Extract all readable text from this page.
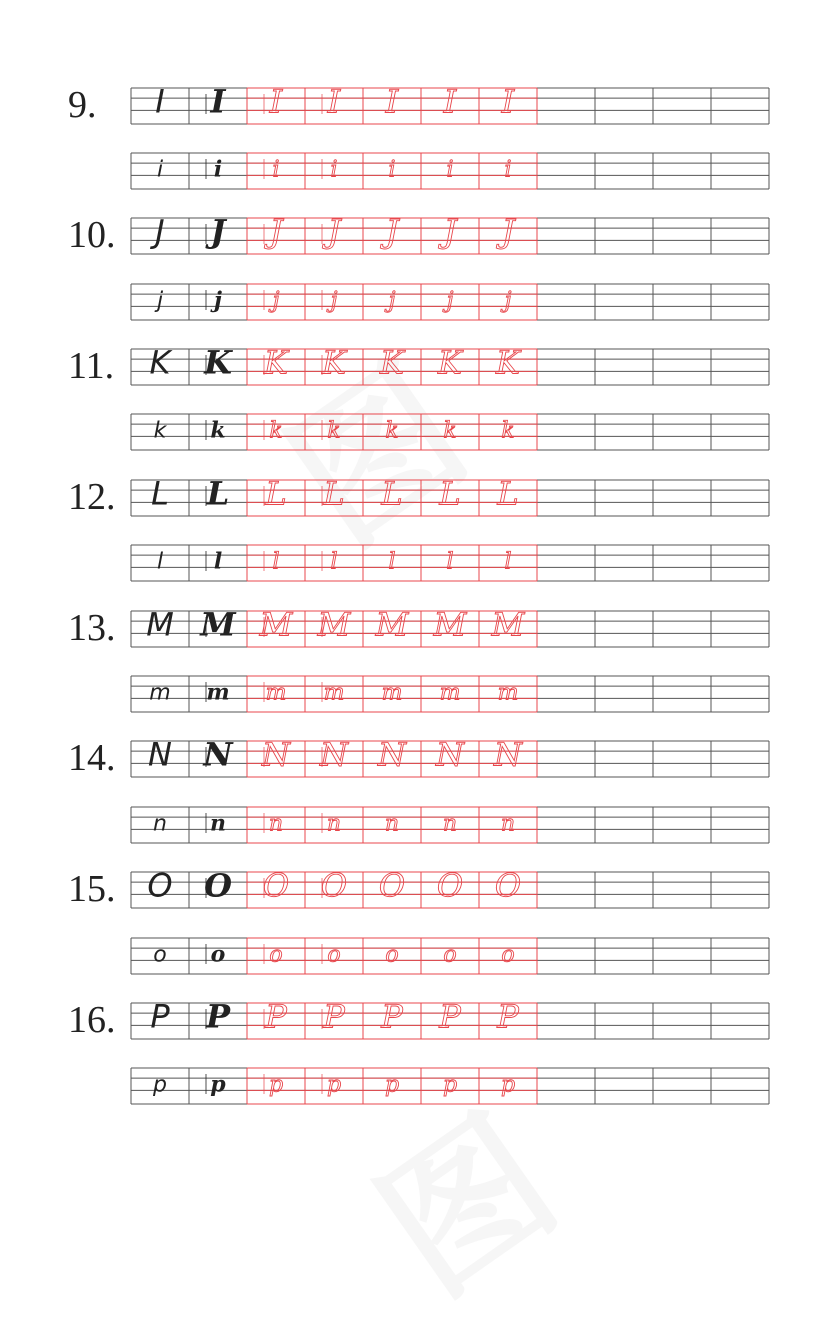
9.
10.
11.
12.
13.
14.
15.
16.
I I I I I I I
i i i i i i i
J J J J J J J
j j j j j j j
K K K K K K K
k k k k k k k
L L L L L L L
l l l l l l l
M M M M M M M
m m m m m m m
N N N N N N N
n n n n n n n
O O O O O O O
o o o o o o o
P P P P P P P
p p p p p p p
